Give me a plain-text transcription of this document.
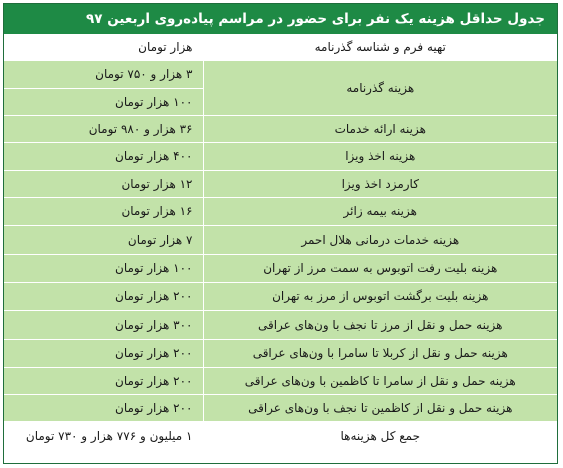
جدول حداقل هزینه یک نفر برای حضور در مراسم پیاده‌روی اربعین ۹۷
تهیه فرم و شناسه گذرنامه	هزار تومان
هزینه گذرنامه	۳ هزار و ۷۵۰ تومان
	۱۰۰ هزار تومان
هزینه ارائه خدمات	۳۶ هزار و ۹۸۰ تومان
هزینه اخذ ویزا	۴۰۰ هزار تومان
کارمزد اخذ ویزا	۱۲ هزار تومان
هزینه بیمه زائر	۱۶ هزار تومان
هزینه خدمات درمانی هلال احمر	۷ هزار تومان
هزینه بلیت رفت اتوبوس به سمت مرز از تهران	۱۰۰ هزار تومان
هزینه بلیت برگشت اتوبوس از مرز به تهران	۲۰۰ هزار تومان
هزینه حمل و نقل از مرز تا نجف با ون‌های عراقی	۳۰۰ هزار تومان
هزینه حمل و نقل از کربلا تا سامرا با ون‌های عراقی	۲۰۰ هزار تومان
هزینه حمل و نقل از سامرا تا کاظمین با ون‌های عراقی	۲۰۰ هزار تومان
هزینه حمل و نقل از کاظمین تا نجف با ون‌های عراقی	۲۰۰ هزار تومان
جمع کل هزینه‌ها	۱ میلیون و ۷۷۶ هزار و ۷۳۰ تومان
